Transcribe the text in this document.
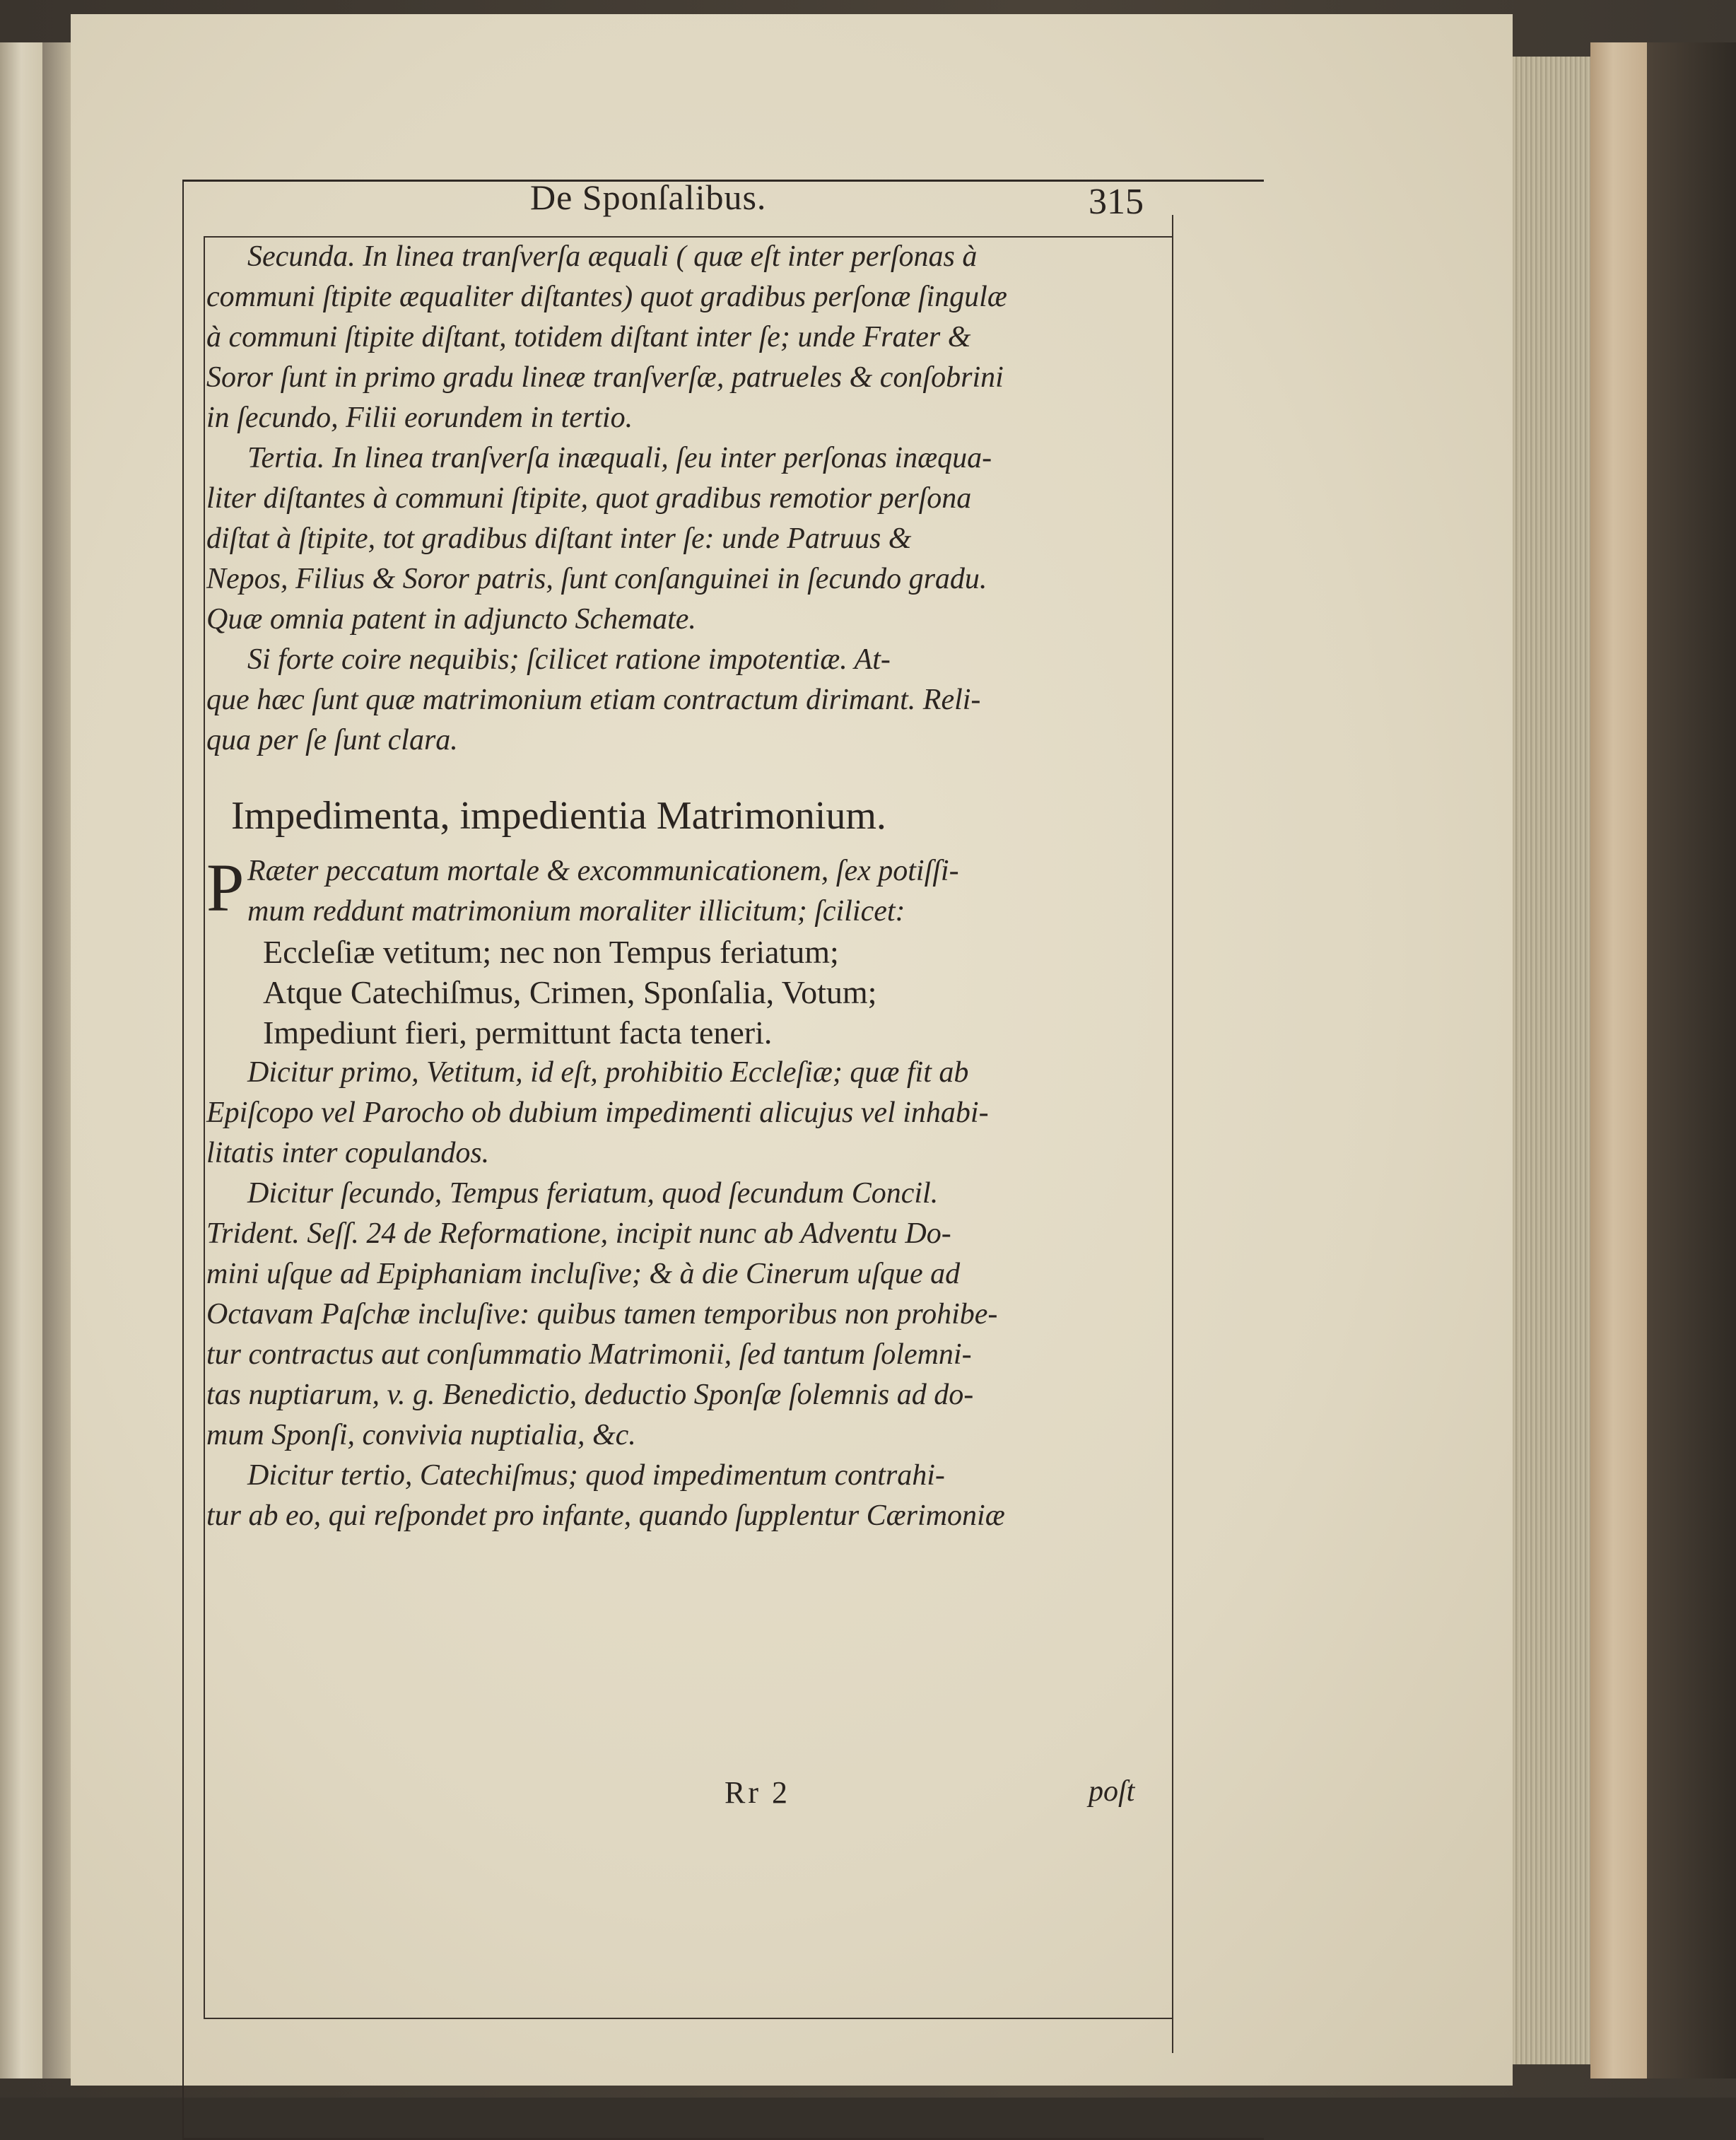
De Sponſalibus.	315
Secunda. In linea tranſverſa æquali ( quæ eſt inter perſonas à
communi ſtipite æqualiter diſtantes) quot gradibus perſonæ ſingulæ
à communi ſtipite diſtant, totidem diſtant inter ſe; unde Frater &
Soror ſunt in primo gradu lineæ tranſverſæ, patrueles & conſobrini
in ſecundo, Filii eorundem in tertio.
Tertia. In linea tranſverſa inæquali, ſeu inter perſonas inæqua-
liter diſtantes à communi ſtipite, quot gradibus remotior perſona
diſtat à ſtipite, tot gradibus diſtant inter ſe: unde Patruus &
Nepos, Filius & Soror patris, ſunt conſanguinei in ſecundo gradu.
Quæ omnia patent in adjuncto Schemate.
Si forte coire nequibis; ſcilicet ratione impotentiæ. At-
que hæc ſunt quæ matrimonium etiam contractum dirimant. Reli-
qua per ſe ſunt clara.
Impedimenta, impedientia Matrimonium.
P Ræter peccatum mortale & excommunicationem, ſex potiſſi-
mum reddunt matrimonium moraliter illicitum; ſcilicet:
Eccleſiæ vetitum; nec non Tempus feriatum;
Atque Catechiſmus, Crimen, Sponſalia, Votum;
Impediunt fieri, permittunt facta teneri.
Dicitur primo, Vetitum, id eſt, prohibitio Eccleſiæ; quæ fit ab
Epiſcopo vel Parocho ob dubium impedimenti alicujus vel inhabi-
litatis inter copulandos.
Dicitur ſecundo, Tempus feriatum, quod ſecundum Concil.
Trident. Seſſ. 24 de Reformatione, incipit nunc ab Adventu Do-
mini uſque ad Epiphaniam incluſive; & à die Cinerum uſque ad
Octavam Paſchæ incluſive: quibus tamen temporibus non prohibe-
tur contractus aut conſummatio Matrimonii, ſed tantum ſolemni-
tas nuptiarum, v. g. Benedictio, deductio Sponſæ ſolemnis ad do-
mum Sponſi, convivia nuptialia, &c.
Dicitur tertio, Catechiſmus; quod impedimentum contrahi-
tur ab eo, qui reſpondet pro infante, quando ſupplentur Cærimoniæ
Rr 2	poſt
